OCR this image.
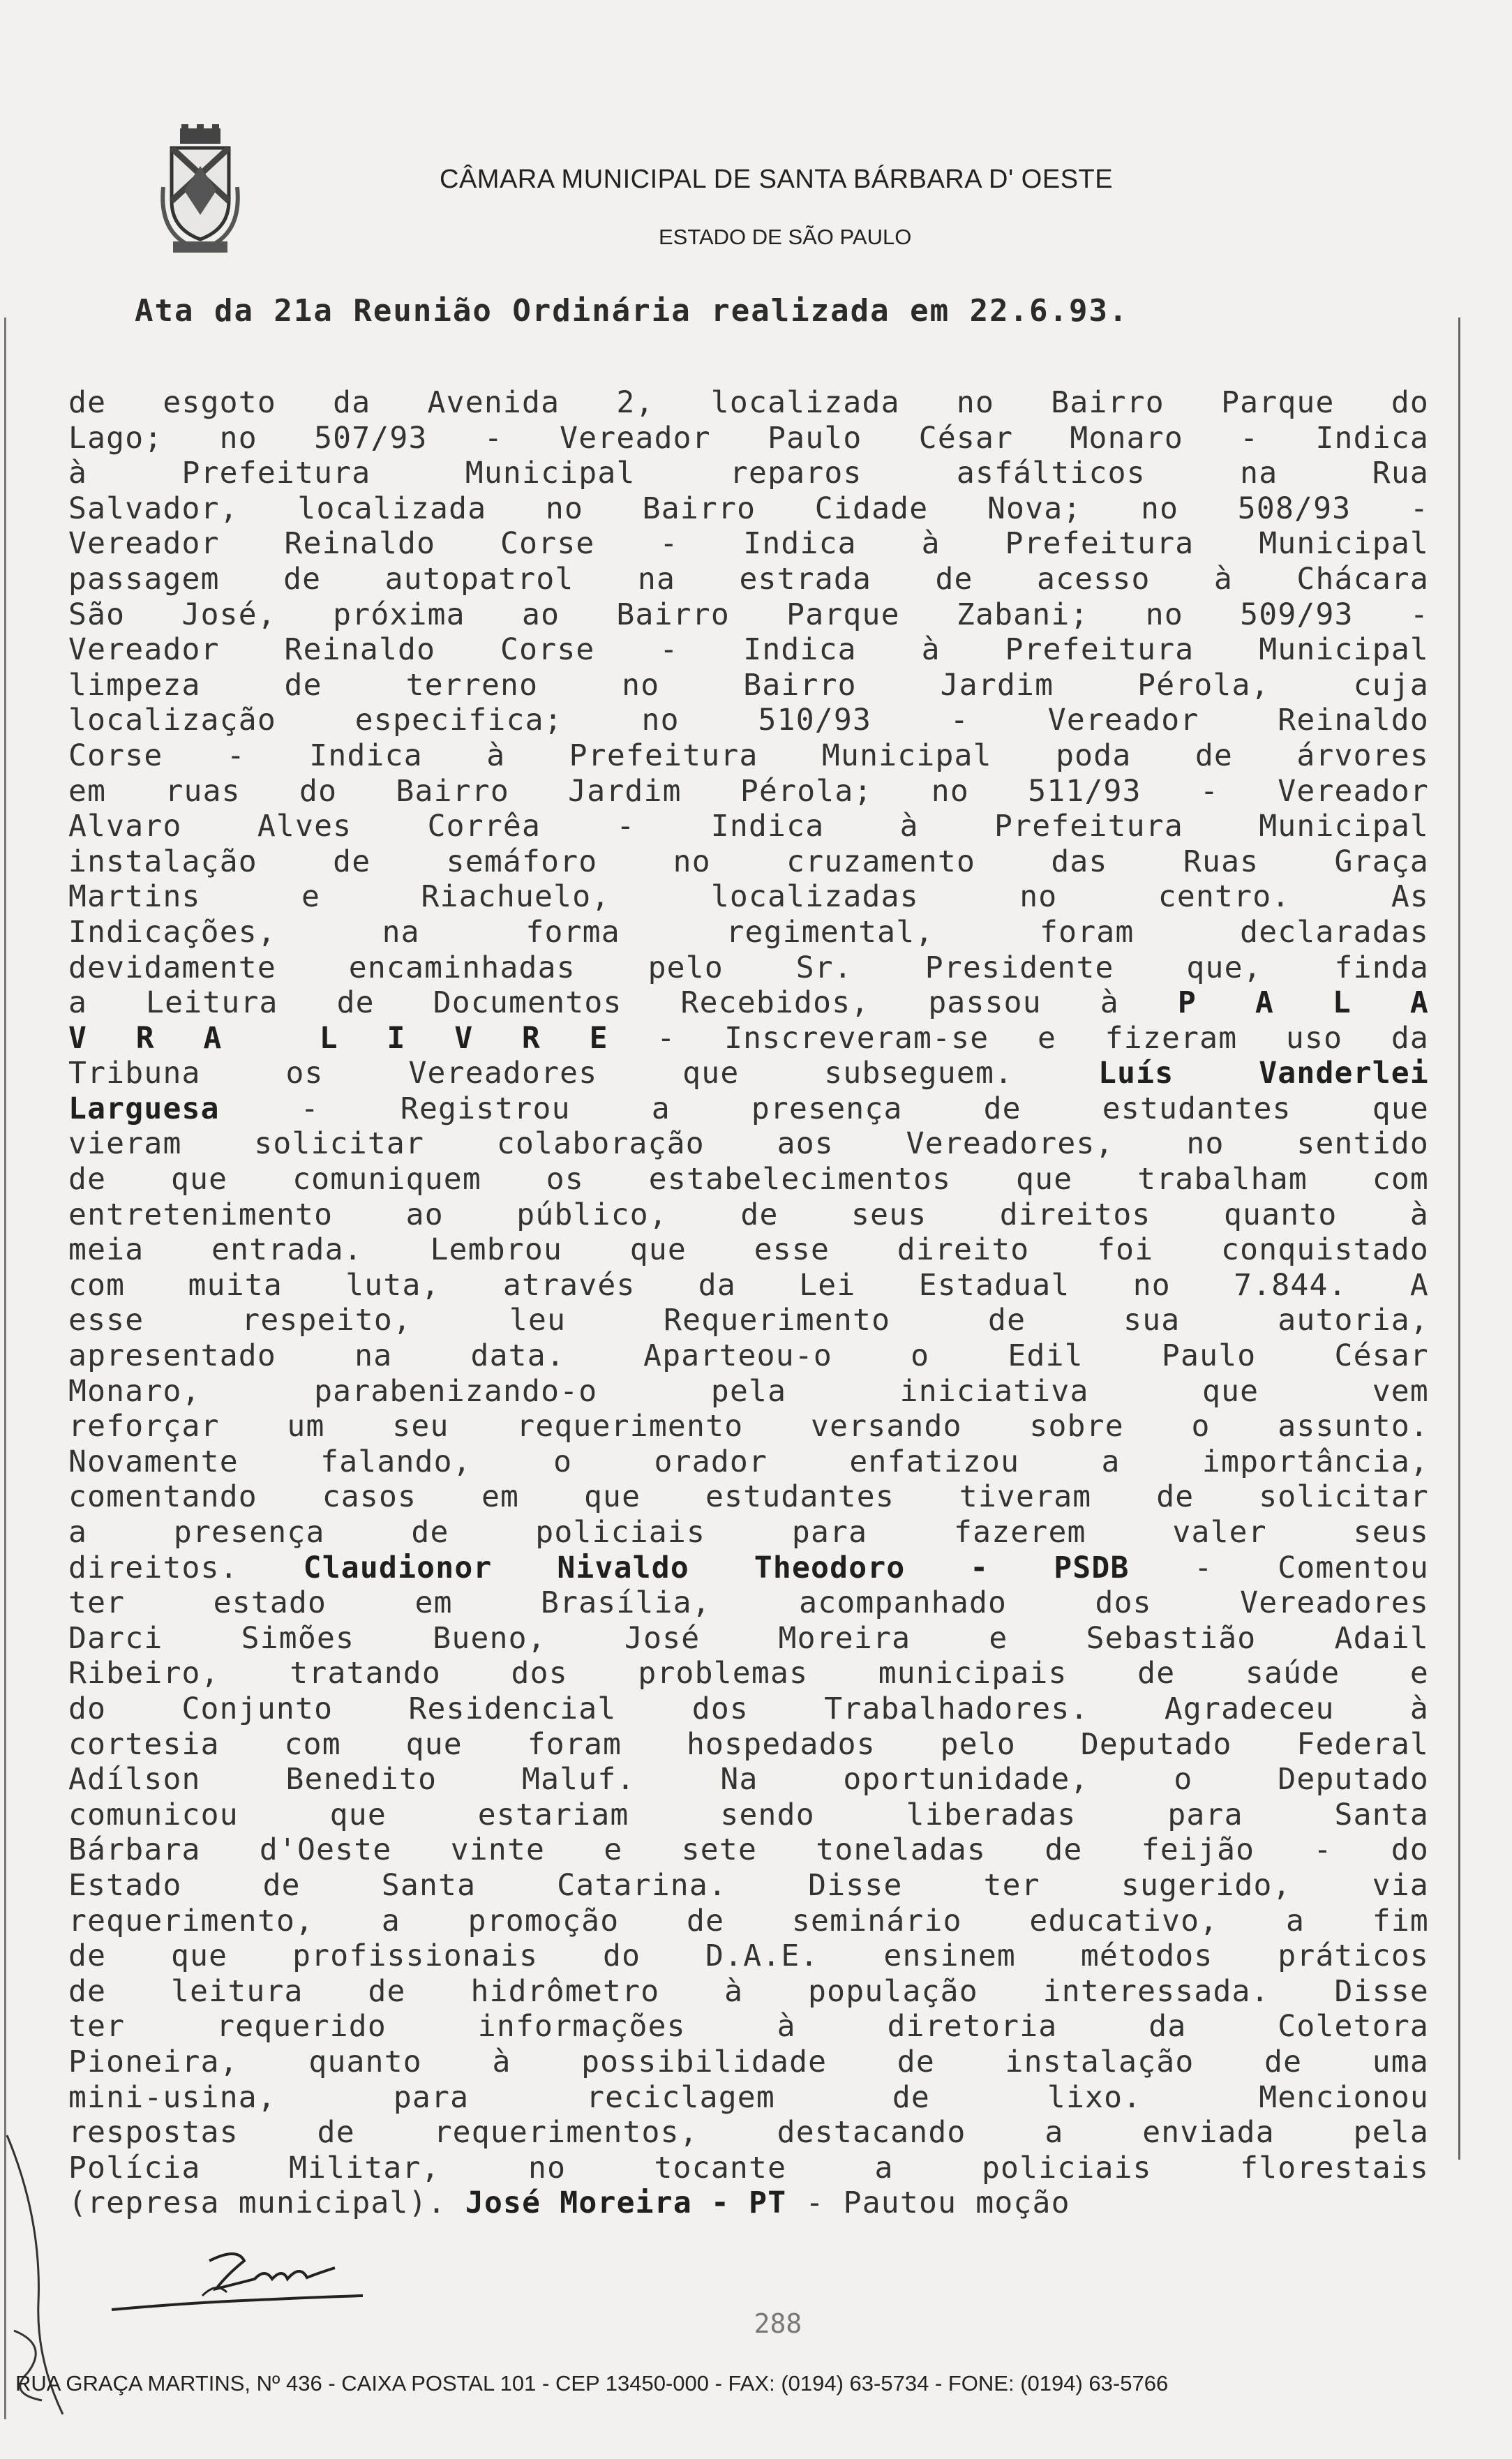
CÂMARA MUNICIPAL DE SANTA BÁRBARA D' OESTE
ESTADO DE SÃO PAULO
Ata da 21a Reunião Ordinária realizada em 22.6.93.
de esgoto da Avenida 2, localizada no Bairro Parque do
Lago; no 507/93 - Vereador Paulo César Monaro - Indica
à Prefeitura Municipal reparos asfálticos na Rua
Salvador, localizada no Bairro Cidade Nova; no 508/93 -
Vereador Reinaldo Corse - Indica à Prefeitura Municipal
passagem de autopatrol na estrada de acesso à Chácara
São José, próxima ao Bairro Parque Zabani; no 509/93 -
Vereador Reinaldo Corse - Indica à Prefeitura Municipal
limpeza de terreno no Bairro Jardim Pérola, cuja
localização especifica; no 510/93 - Vereador Reinaldo
Corse - Indica à Prefeitura Municipal poda de árvores
em ruas do Bairro Jardim Pérola; no 511/93 - Vereador
Alvaro Alves Corrêa - Indica à Prefeitura Municipal
instalação de semáforo no cruzamento das Ruas Graça
Martins e Riachuelo, localizadas no centro. As
Indicações, na forma regimental, foram declaradas
devidamente encaminhadas pelo Sr. Presidente que, finda
a Leitura de Documentos Recebidos, passou à P A L A
V R A  L I V R E - Inscreveram-se e fizeram uso da
Tribuna os Vereadores que subseguem. Luís Vanderlei
Larguesa - Registrou a presença de estudantes que
vieram solicitar colaboração aos Vereadores, no sentido
de que comuniquem os estabelecimentos que trabalham com
entretenimento ao público, de seus direitos quanto à
meia entrada. Lembrou que esse direito foi conquistado
com muita luta, através da Lei Estadual no 7.844. A
esse respeito, leu Requerimento de sua autoria,
apresentado na data. Aparteou-o o Edil Paulo César
Monaro, parabenizando-o pela iniciativa que vem
reforçar um seu requerimento versando sobre o assunto.
Novamente falando, o orador enfatizou a importância,
comentando casos em que estudantes tiveram de solicitar
a presença de policiais para fazerem valer seus
direitos. Claudionor Nivaldo Theodoro - PSDB - Comentou
ter estado em Brasília, acompanhado dos Vereadores
Darci Simões Bueno, José Moreira e Sebastião Adail
Ribeiro, tratando dos problemas municipais de saúde e
do Conjunto Residencial dos Trabalhadores. Agradeceu à
cortesia com que foram hospedados pelo Deputado Federal
Adílson Benedito Maluf. Na oportunidade, o Deputado
comunicou que estariam sendo liberadas para Santa
Bárbara d'Oeste vinte e sete toneladas de feijão - do
Estado de Santa Catarina. Disse ter sugerido, via
requerimento, a promoção de seminário educativo, a fim
de que profissionais do D.A.E. ensinem métodos práticos
de leitura de hidrômetro à população interessada. Disse
ter requerido informações à diretoria da Coletora
Pioneira, quanto à possibilidade de instalação de uma
mini-usina, para reciclagem de lixo. Mencionou
respostas de requerimentos, destacando a enviada pela
Polícia Militar, no tocante a policiais florestais
(represa municipal). José Moreira - PT - Pautou moção
288
RUA GRAÇA MARTINS, Nº 436 - CAIXA POSTAL 101 - CEP 13450-000 - FAX: (0194) 63-5734 - FONE: (0194) 63-5766
